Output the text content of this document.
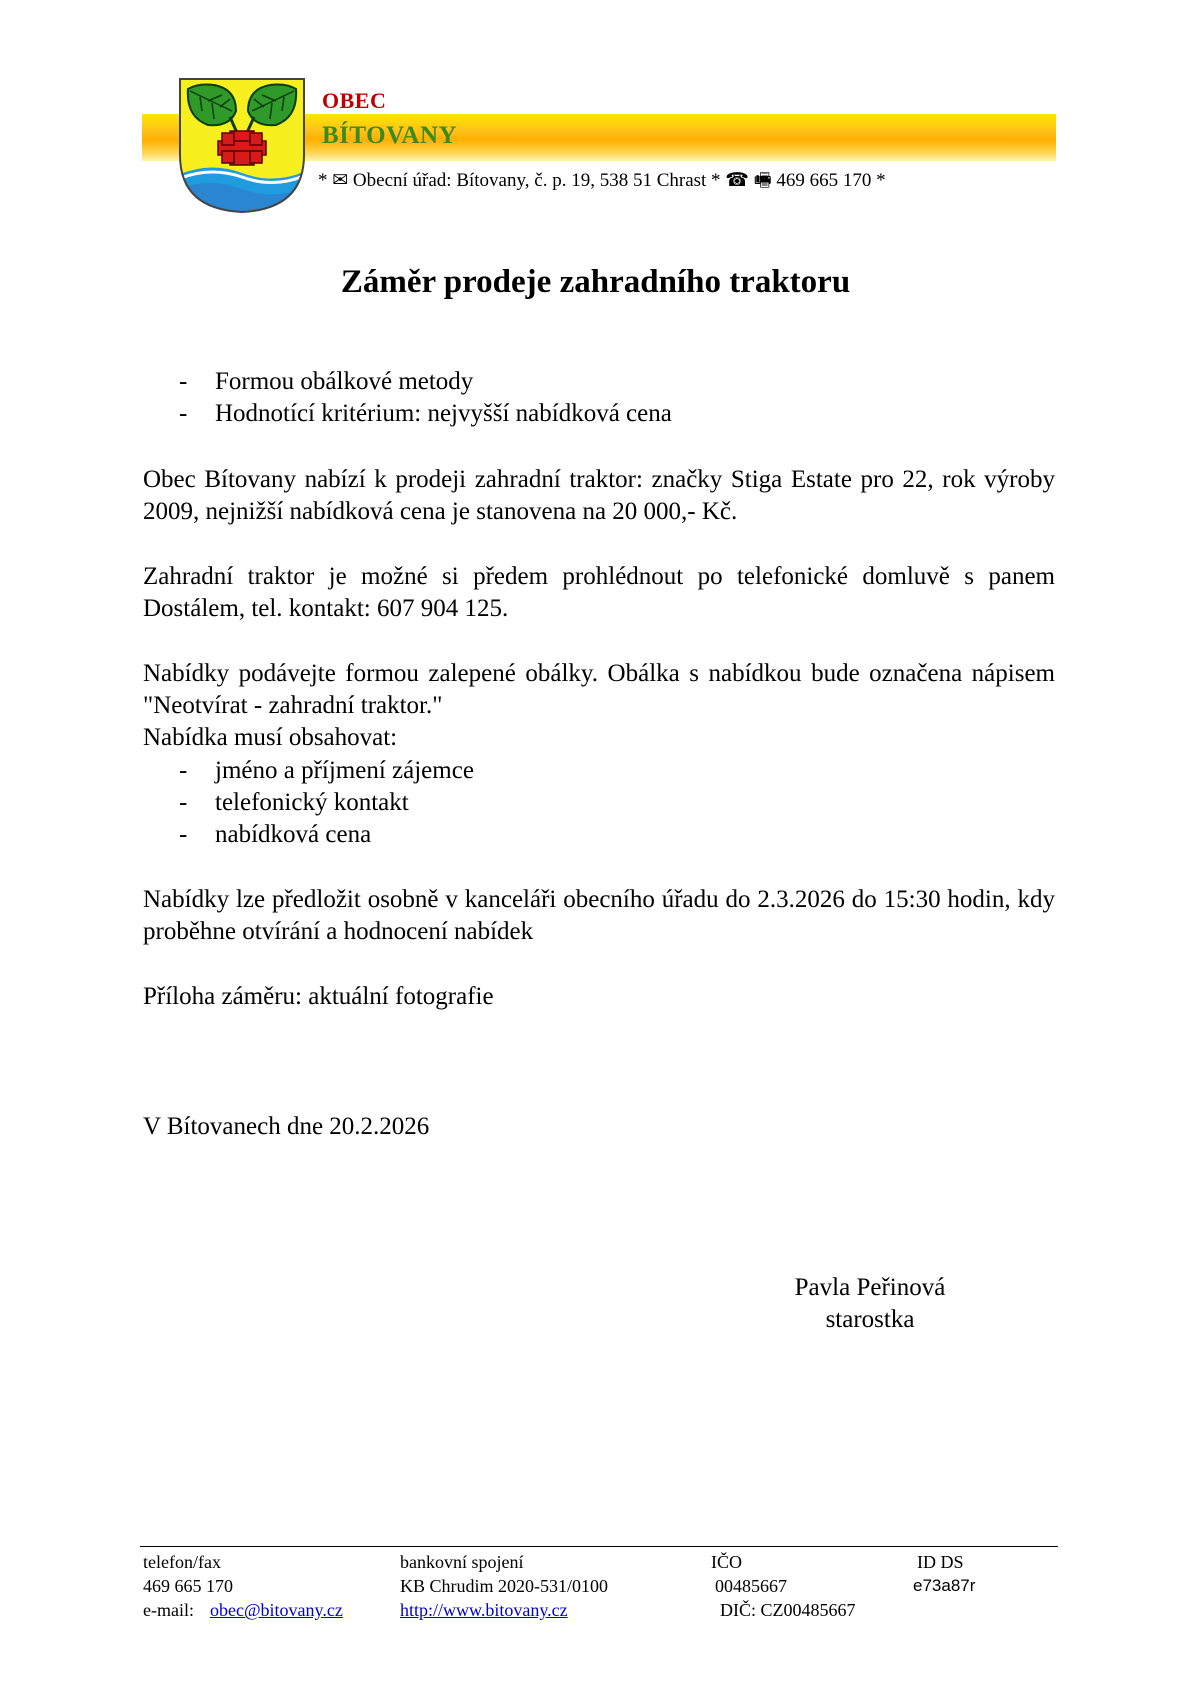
OBEC
BÍTOVANY
* ✉ Obecní úřad: Bítovany, č. p. 19, 538 51 Chrast * ☎ 🖷 469 665 170 *
Záměr prodeje zahradního traktoru
- Formou obálkové metody
- Hodnotící kritérium: nejvyšší nabídková cena
Obec Bítovany nabízí k prodeji zahradní traktor: značky Stiga Estate pro 22, rok výroby 2009, nejnižší nabídková cena je stanovena na 20 000,- Kč.
Zahradní traktor je možné si předem prohlédnout po telefonické domluvě s panem Dostálem, tel. kontakt: 607 904 125.
Nabídky podávejte formou zalepené obálky. Obálka s nabídkou bude označena nápisem "Neotvírat - zahradní traktor."
Nabídka musí obsahovat:
- jméno a příjmení zájemce
- telefonický kontakt
- nabídková cena
Nabídky lze předložit osobně v kanceláři obecního úřadu do 2.3.2026 do 15:30 hodin, kdy proběhne otvírání a hodnocení nabídek
Příloha záměru: aktuální fotografie
V Bítovanech dne 20.2.2026
Pavla Peřinová
starostka
telefon/fax
469 665 170
e-mail: obec@bitovany.cz
bankovní spojení
KB Chrudim 2020-531/0100
http://www.bitovany.cz
IČO
00485667
DIČ: CZ00485667
ID DS
e73a87r
